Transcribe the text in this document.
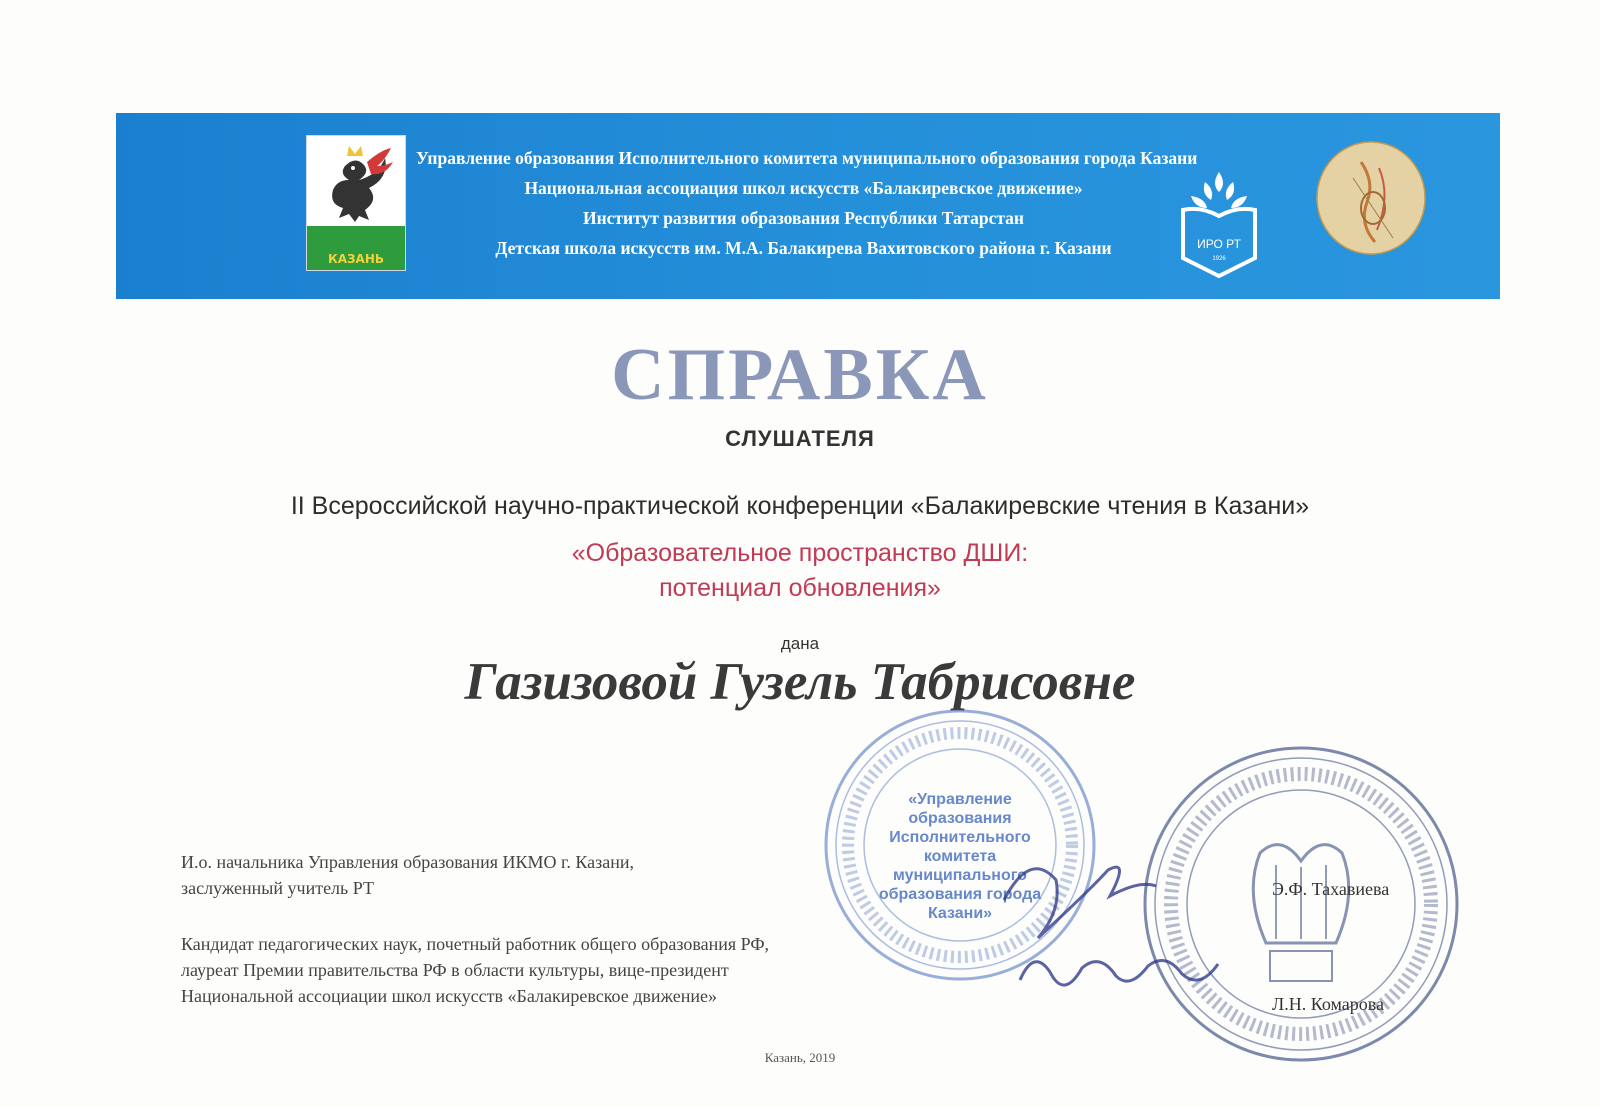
КАЗАНЬ
Управление образования Исполнительного комитета муниципального образования города Казани
Национальная ассоциация школ искусств «Балакиревское движение»
Институт развития образования Республики Татарстан
Детская школа искусств им. М.А. Балакирева Вахитовского района г. Казани	ИРО РТ
1926
СПРАВКА
СЛУШАТЕЛЯ
II Всероссийской научно-практической конференции «Балакиревские чтения в Казани»
«Образовательное пространство ДШИ:
потенциал обновления»
дана
Газизовой Гузель Табрисовне
«Управление образования Исполнительного комитета муниципального образования города Казани»
И.о. начальника Управления образования ИКМО г. Казани,
заслуженный учитель РТ	Э.Ф. Тахавиева
Кандидат педагогических наук, почетный работник общего образования РФ,
лауреат Премии правительства РФ в области культуры, вице-президент
Национальной ассоциации школ искусств «Балакиревское движение»	Л.Н. Комарова
Казань, 2019
